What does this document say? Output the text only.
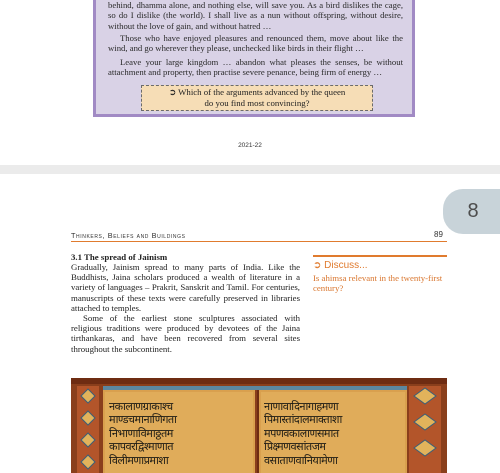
behind, dhamma alone, and nothing else, will save you. As a bird dislikes the cage, so do I dislike (the world). I shall live as a nun without offspring, without desire, without the love of gain, and without hatred …

Those who have enjoyed pleasures and renounced them, move about like the wind, and go wherever they please, unchecked like birds in their flight …

Leave your large kingdom … abandon what pleases the senses, be without attachment and property, then practise severe penance, being firm of energy …

➲ Which of the arguments advanced by the queen
do you find most convincing?
2021-22
8
Thinkers, Beliefs and Buildings	89
3.1 The spread of Jainism

Gradually, Jainism spread to many parts of India. Like the Buddhists, Jaina scholars produced a wealth of literature in a variety of languages – Prakrit, Sanskrit and Tamil. For centuries, manuscripts of these texts were carefully preserved in libraries attached to temples.

Some of the earliest stone sculptures associated with religious traditions were produced by devotees of the Jaina tirthankaras, and have been recovered from several sites throughout the subcontinent.

➲ Discuss...
Is ahimsa relevant in the twenty-first century?
नकालाणग्राकाश्च
माण्डचमानाणिगता
निभाणाविमाठ्ठतम
कापवरद्विश्माणात
विलीमणाप्रमाशा
नाणावादिनागाहमणा
पिमास्तांदालमाक्ताशा
मपणवकालाणसमात
प्रिक्ष्मणवसांतजम
वसाताणवानियामेणा
